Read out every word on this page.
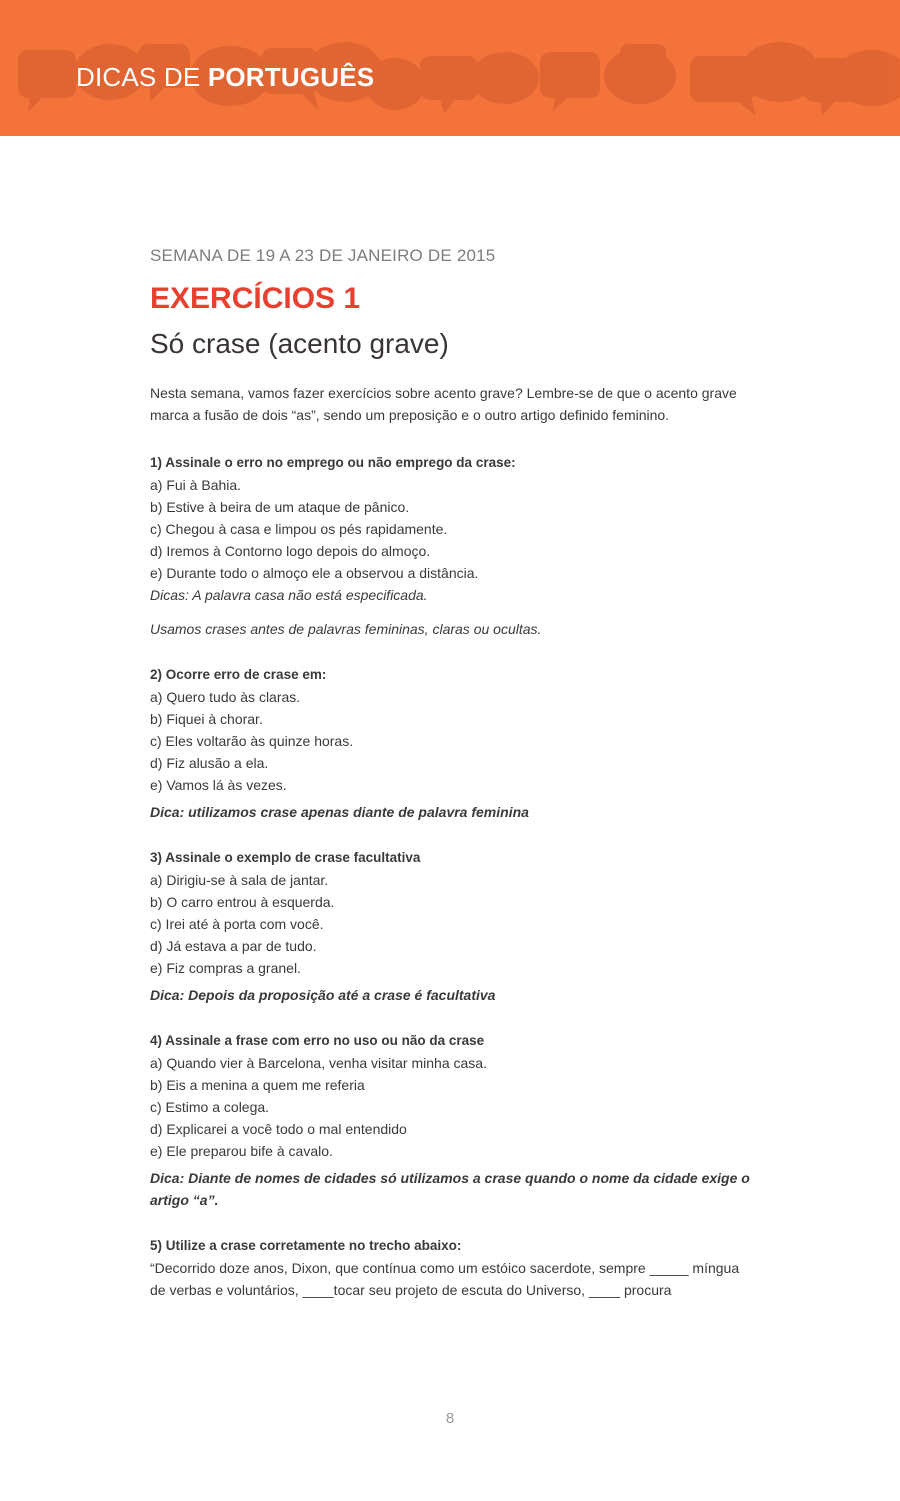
DICAS DE PORTUGUÊS
SEMANA DE 19 A 23 DE JANEIRO DE 2015
EXERCÍCIOS 1
Só crase (acento grave)
Nesta semana, vamos fazer exercícios sobre acento grave? Lembre-se de que o acento grave marca a fusão de dois “as”, sendo um preposição e o outro artigo definido feminino.
1) Assinale o erro no emprego ou não emprego da crase:
a) Fui à Bahia.
b) Estive à beira de um ataque de pânico.
c) Chegou à casa e limpou os pés rapidamente.
d) Iremos à Contorno logo depois do almoço.
e) Durante todo o almoço ele a observou a distância.
Dicas: A palavra casa não está especificada.
Usamos crases antes de palavras femininas, claras ou ocultas.
2) Ocorre erro de crase em:
a) Quero tudo às claras.
b) Fiquei à chorar.
c) Eles voltarão às quinze horas.
d) Fiz alusão a ela.
e) Vamos lá às vezes.
Dica: utilizamos crase apenas diante de palavra feminina
3) Assinale o exemplo de crase facultativa
a) Dirigiu-se à sala de jantar.
b) O carro entrou à esquerda.
c) Irei até à porta com você.
d) Já estava a par de tudo.
e) Fiz compras a granel.
Dica: Depois da proposição até a crase é facultativa
4) Assinale a frase com erro no uso ou não da crase
a) Quando vier à Barcelona, venha visitar minha casa.
b) Eis a menina a quem me referia
c) Estimo a colega.
d) Explicarei a você todo o mal entendido
e) Ele preparou bife à cavalo.
Dica: Diante de nomes de cidades só utilizamos a crase quando o nome da cidade exige o artigo “a”.
5) Utilize a crase corretamente no trecho abaixo:
“Decorrido doze anos, Dixon, que contínua como um estóico sacerdote, sempre _____ míngua de verbas e voluntários, ____tocar seu projeto de escuta do Universo, ____ procura
8
